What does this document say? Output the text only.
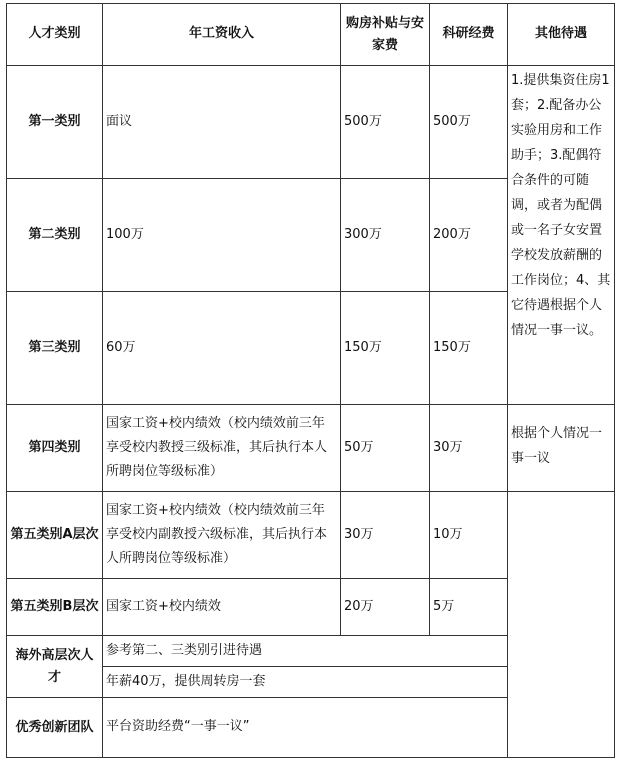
人才类别	年工资收入	购房补贴与安家费	科研经费	其他待遇
第一类别	面议	500万	500万	1.提供集资住房1套；2.配备办公实验用房和工作助手；3.配偶符合条件的可随调，或者为配偶或一名子女安置学校发放薪酬的工作岗位；4、其它待遇根据个人情况一事一议。
第二类别	100万	300万	200万	
第三类别	60万	150万	150万	
第四类别	国家工资+校内绩效（校内绩效前三年享受校内教授三级标准，其后执行本人所聘岗位等级标准）	50万	30万	根据个人情况一事一议
第五类别A层次	国家工资+校内绩效（校内绩效前三年享受校内副教授六级标准，其后执行本人所聘岗位等级标准）	30万	10万	
第五类别B层次	国家工资+校内绩效	20万	5万	
海外高层次人才	参考第二、三类别引进待遇
年薪40万，提供周转房一套			

优秀创新团队	平台资助经费“一事一议”			
